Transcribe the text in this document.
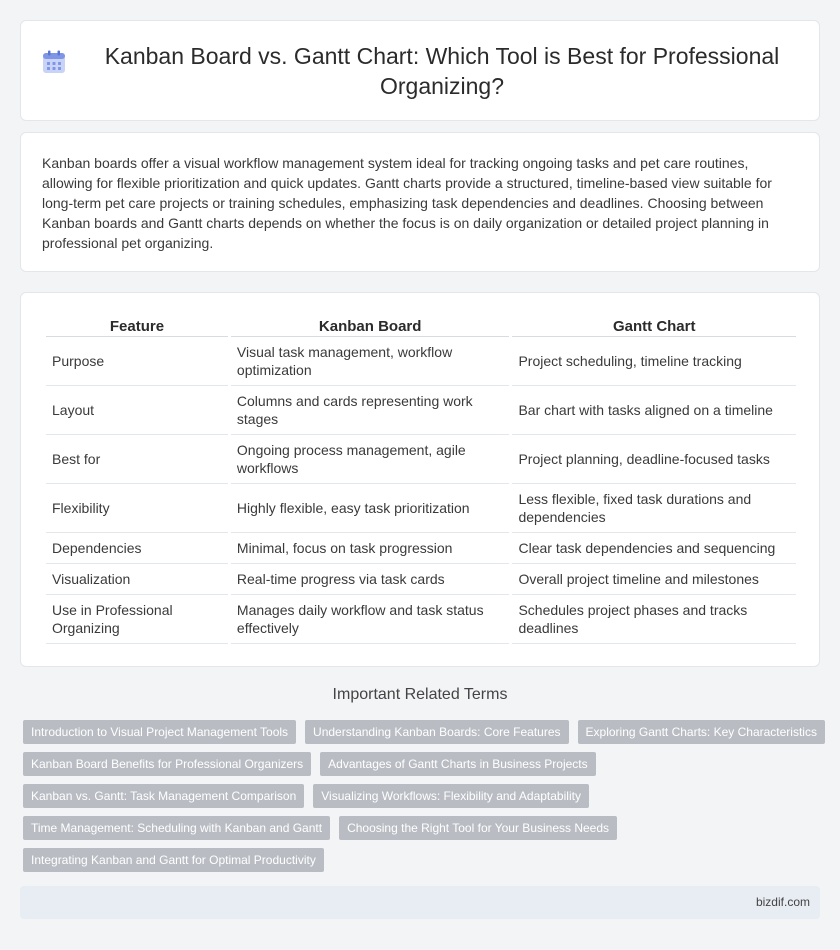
Kanban Board vs. Gantt Chart: Which Tool is Best for Professional Organizing?

Kanban boards offer a visual workflow management system ideal for tracking ongoing tasks and pet care routines, allowing for flexible prioritization and quick updates. Gantt charts provide a structured, timeline-based view suitable for long-term pet care projects or training schedules, emphasizing task dependencies and deadlines. Choosing between Kanban boards and Gantt charts depends on whether the focus is on daily organization or detailed project planning in professional pet organizing.

Feature	Kanban Board	Gantt Chart
Purpose	Visual task management, workflow optimization	Project scheduling, timeline tracking
Layout	Columns and cards representing work stages	Bar chart with tasks aligned on a timeline
Best for	Ongoing process management, agile workflows	Project planning, deadline-focused tasks
Flexibility	Highly flexible, easy task prioritization	Less flexible, fixed task durations and dependencies
Dependencies	Minimal, focus on task progression	Clear task dependencies and sequencing
Visualization	Real-time progress via task cards	Overall project timeline and milestones
Use in Professional Organizing	Manages daily workflow and task status effectively	Schedules project phases and tracks deadlines
Important Related Terms
Introduction to Visual Project Management Tools	Understanding Kanban Boards: Core Features	Exploring Gantt Charts: Key Characteristics
Kanban Board Benefits for Professional Organizers	Advantages of Gantt Charts in Business Projects
Kanban vs. Gantt: Task Management Comparison	Visualizing Workflows: Flexibility and Adaptability
Time Management: Scheduling with Kanban and Gantt	Choosing the Right Tool for Your Business Needs
Integrating Kanban and Gantt for Optimal Productivity
bizdif.com
